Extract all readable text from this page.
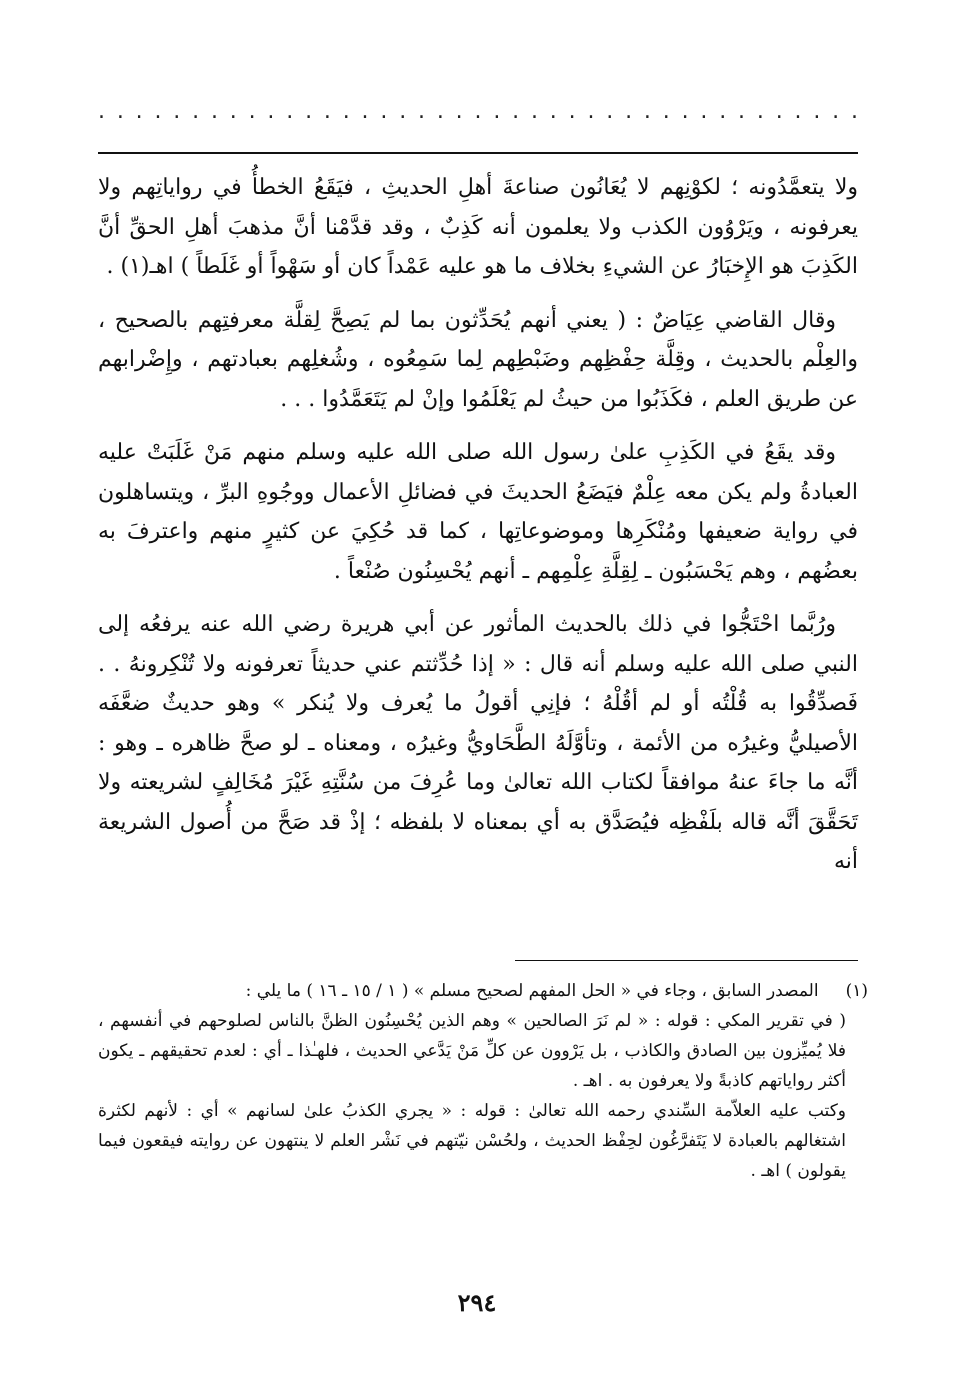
. . . . . . . . . . . . . . . . . . . . . . . . . . . . . . . . . . . . . . . . .

ولا يتعمَّدُونه ؛ لكوْنِهم لا يُعَانُون صناعةَ أهلِ الحديثِ ، فيَقَعُ الخطأُ في رواياتِهم ولا يعرفونه ، ويَرْوُون الكذب ولا يعلمون أنه كَذِبٌ ، وقد قدَّمْنا أنَّ مذهبَ أهلِ الحقِّ أنَّ الكَذِبَ هو الإِخبَارُ عن الشيءِ بخلاف ما هو عليه عَمْداً كان أو سَهْواً أو غَلَطاً ) اهـ(١) .

وقال القاضي عِيَاضٌ : ( يعني أنهم يُحَدِّثون بما لم يَصِحَّ لِقلَّة معرفتِهم بالصحيح ، والعِلْم بالحديث ، وقِلَّة حِفْظِهم وضَبْطِهم لِما سَمِعُوه ، وشُغلِهم بعبادتهم ، وإِضْرابهم عن طريق العلم ، فكَذَبُوا من حيثُ لم يَعْلَمُوا وإنْ لم يَتَعَمَّدُوا . . .

وقد يقَعُ في الكَذِبِ علىٰ رسول الله صلى الله عليه وسلم منهم مَنْ غَلَبَتْ عليه العبادةُ ولم يكن معه عِلْمٌ فيَضَعُ الحديثَ في فضائلِ الأعمال ووجُوهِ البرِّ ، ويتساهلون في رواية ضعيفها ومُنْكَرِها وموضوعاتِها ، كما قد حُكِيَ عن كثيرٍ منهم واعترفَ به بعضُهم ، وهم يَحْسَبُون ـ لِقِلَّةِ عِلْمِهم ـ أنهم يُحْسِنُون صُنْعاً .

ورُبَّما احْتَجُّوا في ذلك بالحديث المأثور عن أبي هريرة رضي الله عنه يرفعُه إلى النبي صلى الله عليه وسلم أنه قال : « إذا حُدِّثتم عني حديثاً تعرفونه ولا تُنْكِرونهُ . . فَصدِّقُوا به قُلْتُه أو لم أقُلْهُ ؛ فإنِي أقولُ ما يُعرف ولا يُنكر » وهو حديثٌ ضعَّفَه الأصيليُّ وغيرُه من الأئمة ، وتأوَّلَهُ الطَّحَاويُّ وغيرُه ، ومعناه ـ لو صحَّ ظاهره ـ وهو : أنَّه ما جاءَ عنهُ موافقاً لكتاب الله تعالىٰ وما عُرِفَ من سُنَّتِهِ غَيْرَ مُخَالِفٍ لشريعته ولا تَحَقَّقَ أنَّه قاله بلَفْظِه فيُصَدَّق به أي بمعناه لا بلفظه ؛ إذْ قد صَحَّ من أُصول الشريعة أنه

(١) المصدر السابق ، وجاء في « الحل المفهم لصحيح مسلم » ( ١ / ١٥ ـ ١٦ ) ما يلي :

( في تقرير المكي : قوله : « لم نَرَ الصالحين » وهم الذين يُحْسِنُون الظنَّ بالناس لصلوحهم في أنفسهم ، فلا يُميِّزون بين الصادق والكاذب ، بل يَرْوون عن كلِّ مَنْ يَدَّعي الحديث ، فلهـٰذا ـ أي : لعدم تحقيقهم ـ يكون أكثر رواياتهم كاذبةً ولا يعرفون به . اهـ .

وكتب عليه العلاّمة السِّندي رحمه الله تعالىٰ : قوله : « يجري الكذبُ علىٰ لسانهم » أي : لأنهم لكثرة اشتغالهم بالعبادة لا يَتَفرَّغُون لحِفْظ الحديث ، ولحُسْن نيّتهم في نَشْر العلم لا ينتهون عن روايته فيقعون فيما يقولون ) اهـ .

٢٩٤
